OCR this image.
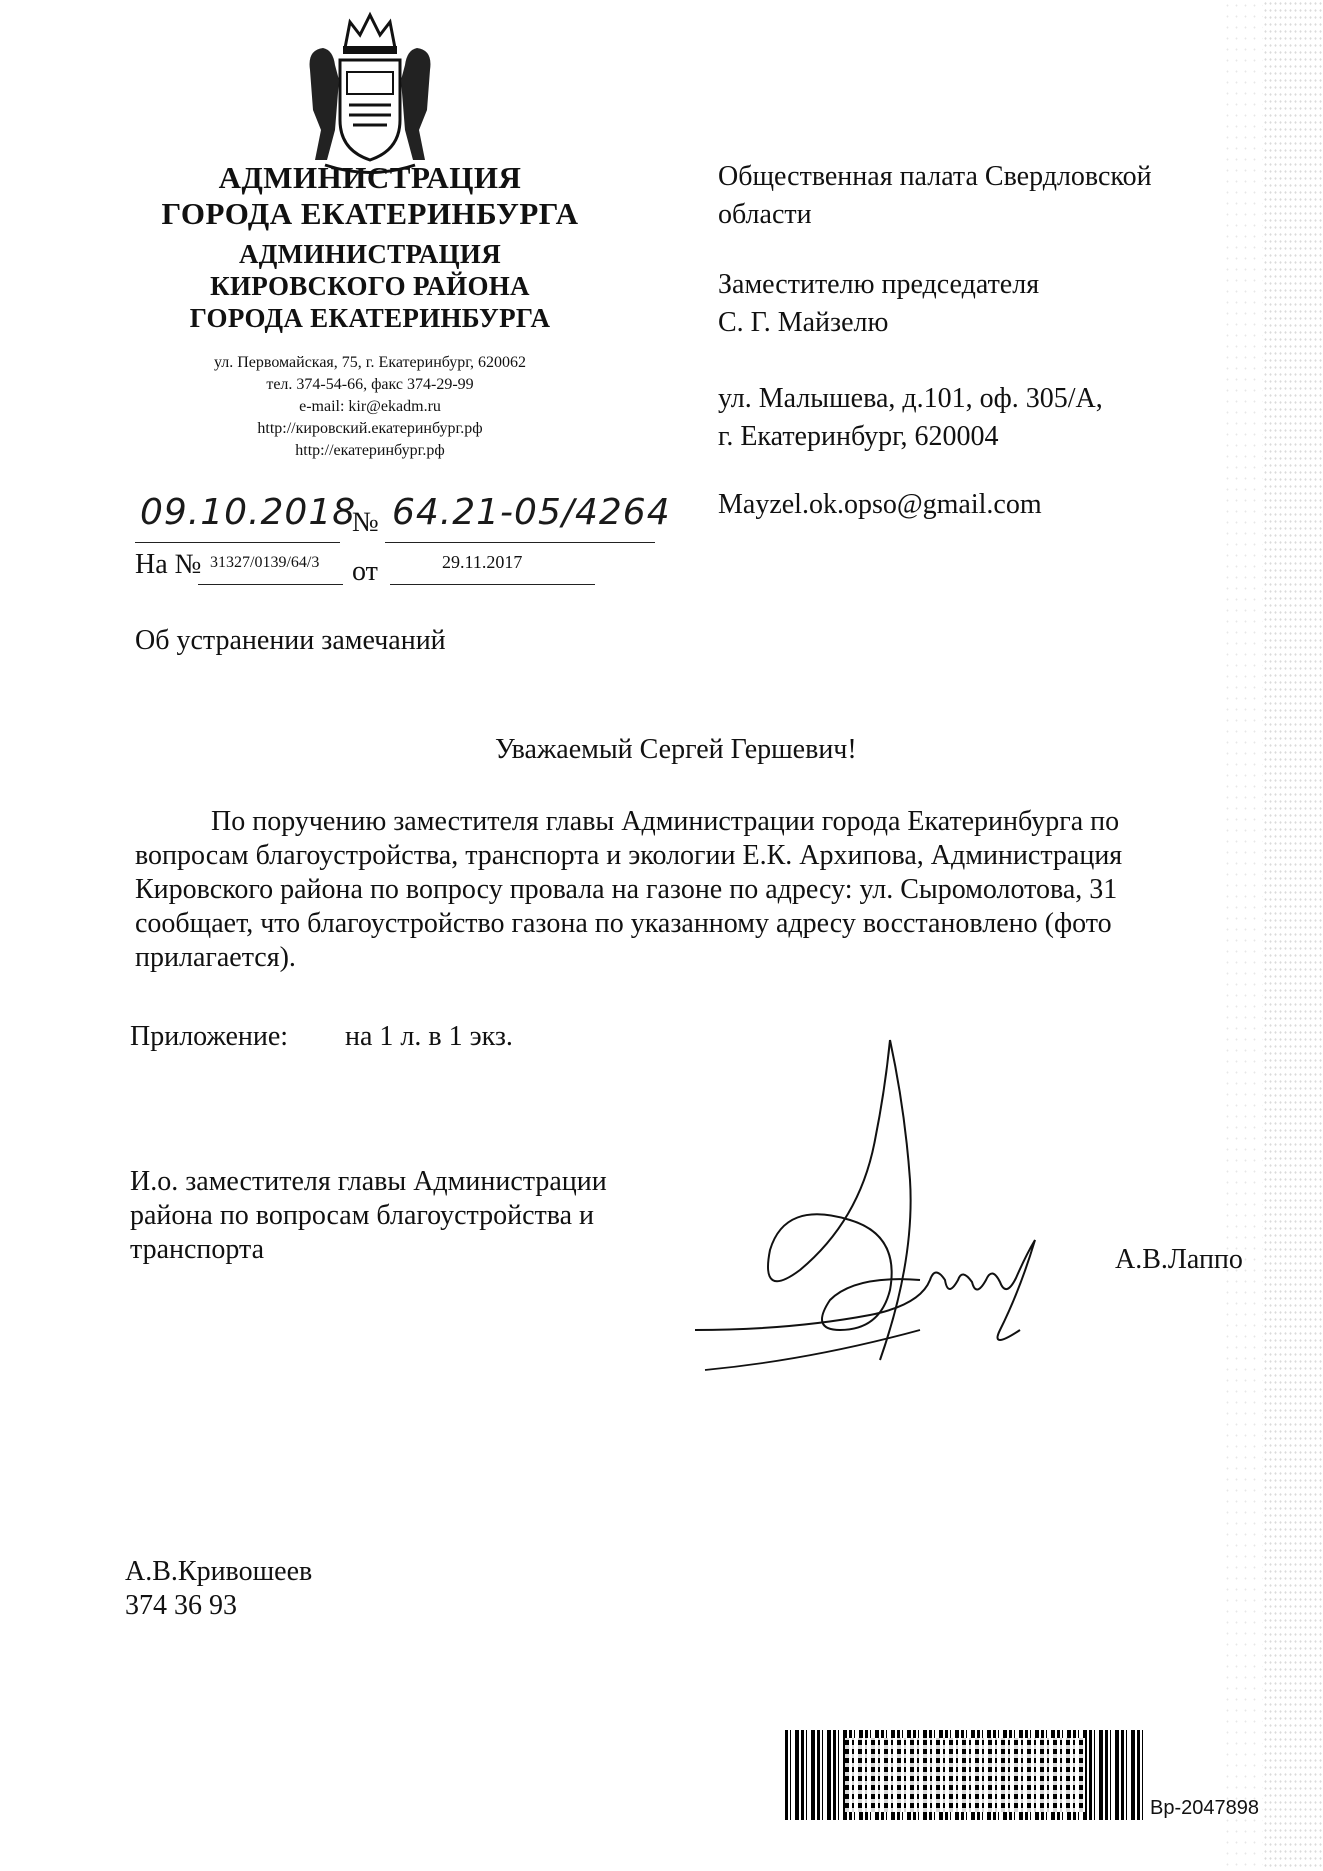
АДМИНИСТРАЦИЯ
ГОРОДА ЕКАТЕРИНБУРГА
АДМИНИСТРАЦИЯ
КИРОВСКОГО РАЙОНА
ГОРОДА ЕКАТЕРИНБУРГА
ул. Первомайская, 75, г. Екатеринбург, 620062
тел. 374-54-66, факс 374-29-99
e-mail: kir@ekadm.ru
http://кировский.екатеринбург.рф
http://екатеринбург.рф
09.10.2018
№ 64.21-05/4264
На № 31327/0139/64/3 от	29.11.2017
Общественная палата Свердловской
области
Заместителю председателя
С. Г. Майзелю
ул. Малышева, д.101, оф. 305/А,
г. Екатеринбург, 620004
Mayzel.ok.opso@gmail.com
Об устранении замечаний
Уважаемый Сергей Гершевич!
По поручению заместителя главы Администрации города Екатеринбурга по
вопросам благоустройства, транспорта и экологии Е.К. Архипова, Администрация
Кировского района по вопросу провала на газоне по адресу: ул. Сыромолотова, 31
сообщает, что благоустройство газона по указанному адресу восстановлено (фото
прилагается).
Приложение: на 1 л. в 1 экз.
И.о. заместителя главы Администрации
района по вопросам благоустройства и
транспорта	А.В.Лаппо
А.В.Кривошеев
374 36 93
Вр-2047898
